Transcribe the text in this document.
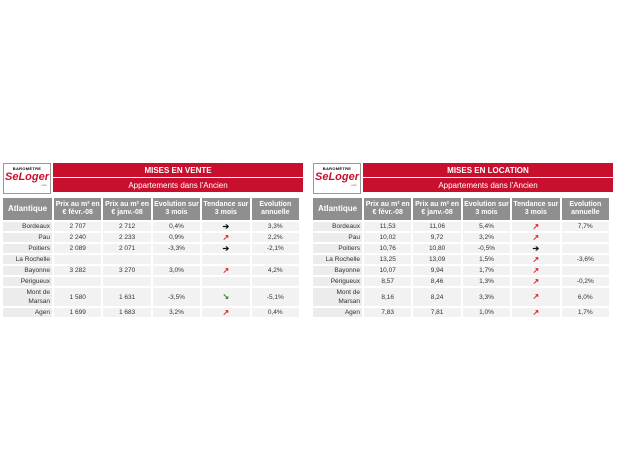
BAROMÈTRE
SeLoger
.com
MISES EN VENTE
Appartements dans l'Ancien
Atlantique	Prix au m² en € févr.-08	Prix au m² en € janv.-08	Evolution sur 3 mois	Tendance sur 3 mois	Evolution annuelle
Bordeaux	2 707	2 712	0,4%	➔	3,3%
Pau	2 240	2 233	0,9%	↗	2,2%
Poitiers	2 089	2 071	-3,3%	➔	-2,1%
La Rochelle					
Bayonne	3 282	3 270	3,0%	↗	4,2%
Périgueux					
Mont de Marsan	1 580	1 631	-3,5%	↘	-5,1%
Agen	1 699	1 683	3,2%	↗	0,4%
BAROMÈTRE
SeLoger
.com
MISES EN LOCATION
Appartements dans l'Ancien
Atlantique	Prix au m² en € févr.-08	Prix au m² en € janv.-08	Evolution sur 3 mois	Tendance sur 3 mois	Evolution annuelle
Bordeaux	11,53	11,06	5,4%	↗	7,7%
Pau	10,02	9,72	3,2%	↗	
Poitiers	10,76	10,80	-0,5%	➔	
La Rochelle	13,25	13,09	1,5%	↗	-3,6%
Bayonne	10,07	9,94	1,7%	↗	
Périgueux	8,57	8,46	1,3%	↗	-0,2%
Mont de Marsan	8,16	8,24	3,3%	↗	6,0%
Agen	7,83	7,81	1,0%	↗	1,7%
